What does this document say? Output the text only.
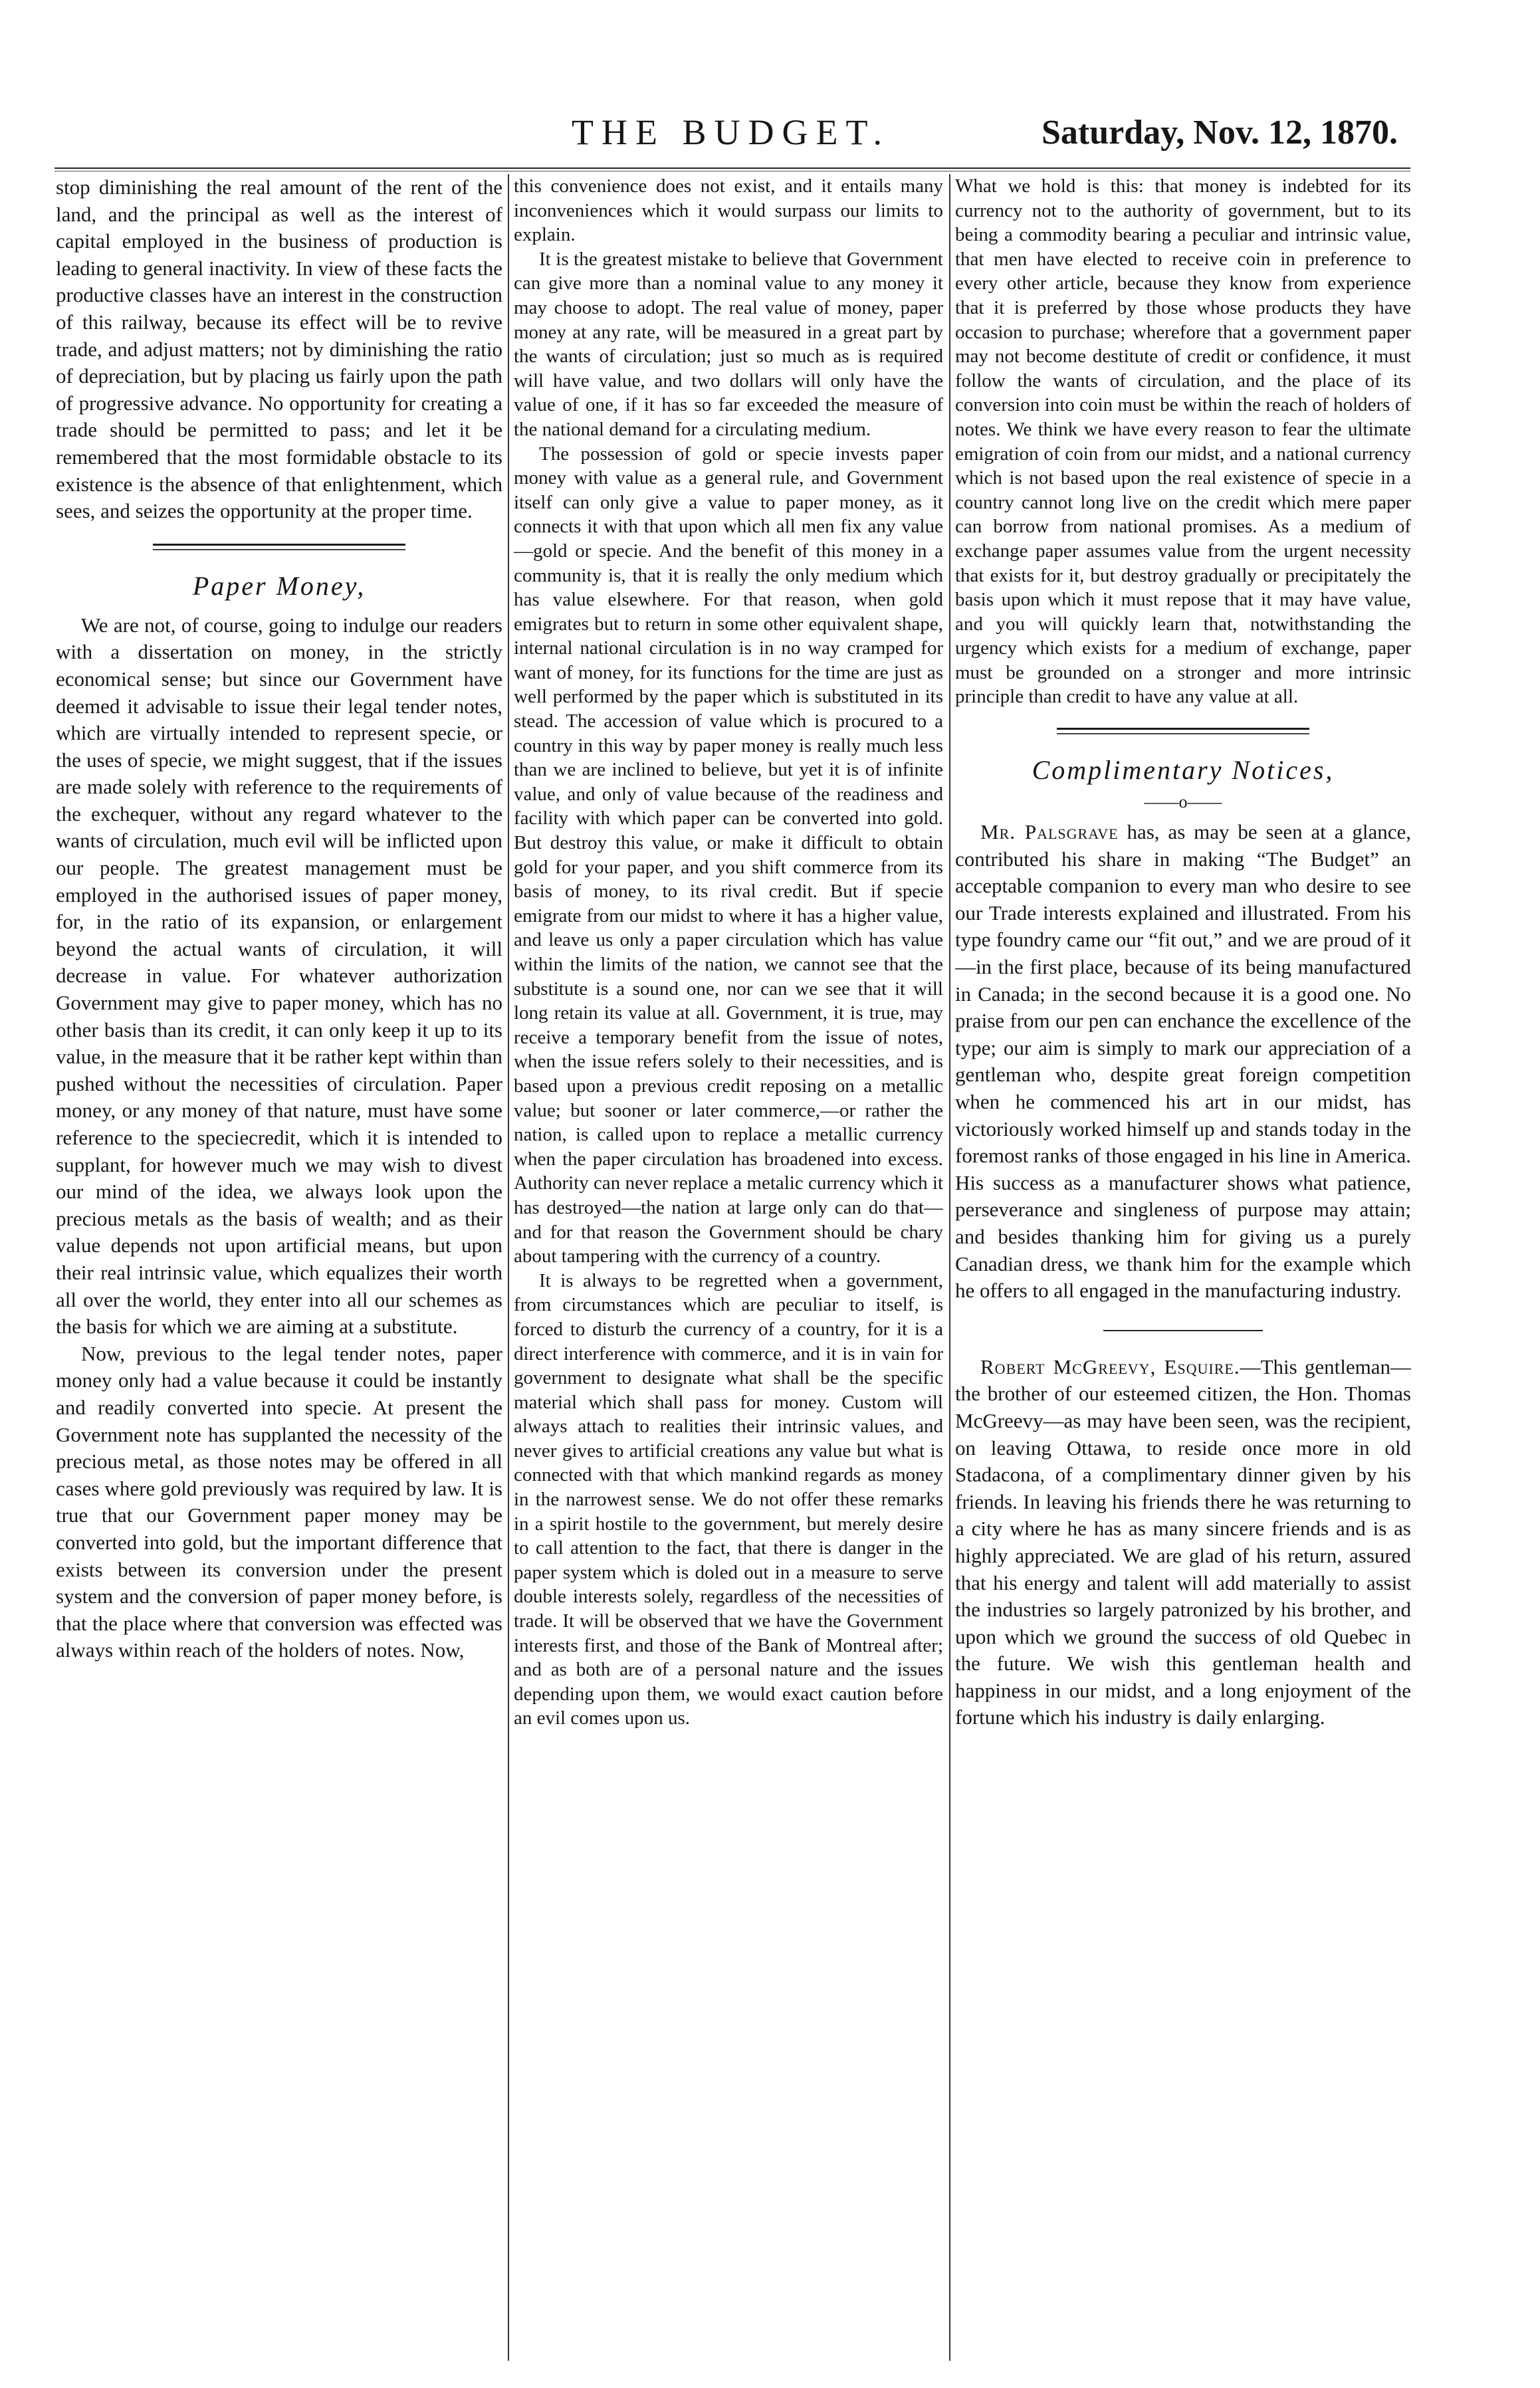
THE BUDGET.	Saturday, Nov. 12, 1870.

stop diminishing the real amount of the rent of the land, and the principal as well as the interest of capital employed in the business of production is leading to general inactivity. In view of these facts the productive classes have an interest in the construction of this railway, because its effect will be to revive trade, and adjust matters; not by diminishing the ratio of depreciation, but by placing us fairly upon the path of progressive advance. No opportunity for creating a trade should be permitted to pass; and let it be remembered that the most formidable obstacle to its existence is the absence of that enlightenment, which sees, and seizes the opportunity at the proper time.

Paper Money,

We are not, of course, going to indulge our readers with a dissertation on money, in the strictly economical sense; but since our Government have deemed it advisable to issue their legal tender notes, which are virtually intended to represent specie, or the uses of specie, we might suggest, that if the issues are made solely with reference to the requirements of the exchequer, without any regard whatever to the wants of circulation, much evil will be inflicted upon our people. The greatest management must be employed in the authorised issues of paper money, for, in the ratio of its expansion, or enlargement beyond the actual wants of circulation, it will decrease in value. For whatever authorization Government may give to paper money, which has no other basis than its credit, it can only keep it up to its value, in the measure that it be rather kept within than pushed without the necessities of circulation. Paper money, or any money of that nature, must have some reference to the speciecredit, which it is intended to supplant, for however much we may wish to divest our mind of the idea, we always look upon the precious metals as the basis of wealth; and as their value depends not upon artificial means, but upon their real intrinsic value, which equalizes their worth all over the world, they enter into all our schemes as the basis for which we are aiming at a substitute.

Now, previous to the legal tender notes, paper money only had a value because it could be instantly and readily converted into specie. At present the Government note has supplanted the necessity of the precious metal, as those notes may be offered in all cases where gold previously was required by law. It is true that our Government paper money may be converted into gold, but the important difference that exists between its conversion under the present system and the conversion of paper money before, is that the place where that conversion was effected was always within reach of the holders of notes. Now,

this convenience does not exist, and it entails many inconveniences which it would surpass our limits to explain.

It is the greatest mistake to believe that Government can give more than a nominal value to any money it may choose to adopt. The real value of money, paper money at any rate, will be measured in a great part by the wants of circulation; just so much as is required will have value, and two dollars will only have the value of one, if it has so far exceeded the measure of the national demand for a circulating medium.

The possession of gold or specie invests paper money with value as a general rule, and Government itself can only give a value to paper money, as it connects it with that upon which all men fix any value —gold or specie. And the benefit of this money in a community is, that it is really the only medium which has value elsewhere. For that reason, when gold emigrates but to return in some other equivalent shape, internal national circulation is in no way cramped for want of money, for its functions for the time are just as well performed by the paper which is substituted in its stead. The accession of value which is procured to a country in this way by paper money is really much less than we are inclined to believe, but yet it is of infinite value, and only of value because of the readiness and facility with which paper can be converted into gold. But destroy this value, or make it difficult to obtain gold for your paper, and you shift commerce from its basis of money, to its rival credit. But if specie emigrate from our midst to where it has a higher value, and leave us only a paper circulation which has value within the limits of the nation, we cannot see that the substitute is a sound one, nor can we see that it will long retain its value at all. Government, it is true, may receive a temporary benefit from the issue of notes, when the issue refers solely to their necessities, and is based upon a previous credit reposing on a metallic value; but sooner or later commerce,—or rather the nation, is called upon to replace a metallic currency when the paper circulation has broadened into excess. Authority can never replace a metalic currency which it has destroyed—the nation at large only can do that—and for that reason the Government should be chary about tampering with the currency of a country.

It is always to be regretted when a government, from circumstances which are peculiar to itself, is forced to disturb the currency of a country, for it is a direct interference with commerce, and it is in vain for government to designate what shall be the specific material which shall pass for money. Custom will always attach to realities their intrinsic values, and never gives to artificial creations any value but what is connected with that which mankind regards as money in the narrowest sense. We do not offer these remarks in a spirit hostile to the government, but merely desire to call attention to the fact, that there is danger in the paper system which is doled out in a measure to serve double interests solely, regardless of the necessities of trade. It will be observed that we have the Government interests first, and those of the Bank of Montreal after; and as both are of a personal nature and the issues depending upon them, we would exact caution before an evil comes upon us.

What we hold is this: that money is indebted for its currency not to the authority of government, but to its being a commodity bearing a peculiar and intrinsic value, that men have elected to receive coin in preference to every other article, because they know from experience that it is preferred by those whose products they have occasion to purchase; wherefore that a government paper may not become destitute of credit or confidence, it must follow the wants of circulation, and the place of its conversion into coin must be within the reach of holders of notes. We think we have every reason to fear the ultimate emigration of coin from our midst, and a national currency which is not based upon the real existence of specie in a country cannot long live on the credit which mere paper can borrow from national promises. As a medium of exchange paper assumes value from the urgent necessity that exists for it, but destroy gradually or precipitately the basis upon which it must repose that it may have value, and you will quickly learn that, notwithstanding the urgency which exists for a medium of exchange, paper must be grounded on a stronger and more intrinsic principle than credit to have any value at all.

Complimentary Notices,
——o——

Mr. Palsgrave has, as may be seen at a glance, contributed his share in making “The Budget” an acceptable companion to every man who desire to see our Trade interests explained and illustrated. From his type foundry came our “fit out,” and we are proud of it—in the first place, because of its being manufactured in Canada; in the second because it is a good one. No praise from our pen can enchance the excellence of the type; our aim is simply to mark our appreciation of a gentleman who, despite great foreign competition when he commenced his art in our midst, has victoriously worked himself up and stands today in the foremost ranks of those engaged in his line in America. His success as a manufacturer shows what patience, perseverance and singleness of purpose may attain; and besides thanking him for giving us a purely Canadian dress, we thank him for the example which he offers to all engaged in the manufacturing industry.

Robert McGreevy, Esquire.—This gentleman—the brother of our esteemed citizen, the Hon. Thomas McGreevy—as may have been seen, was the recipient, on leaving Ottawa, to reside once more in old Stadacona, of a complimentary dinner given by his friends. In leaving his friends there he was returning to a city where he has as many sincere friends and is as highly appreciated. We are glad of his return, assured that his energy and talent will add materially to assist the industries so largely patronized by his brother, and upon which we ground the success of old Quebec in the future. We wish this gentleman health and happiness in our midst, and a long enjoyment of the fortune which his industry is daily enlarging.
